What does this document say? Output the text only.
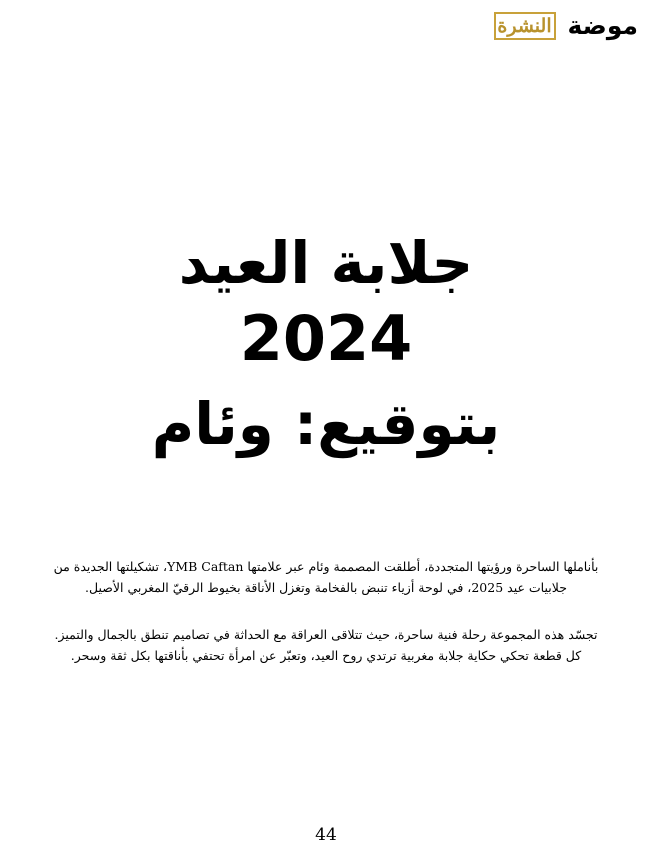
النشرة موضة
جلابة العيد
2024
بتوقيع: وئام
بأناملها الساحرة ورؤيتها المتجددة، أطلقت المصممة وئام عبر علامتها YMB Caftan، تشكيلتها الجديدة من
جلابيات عيد 2025، في لوحة أزياء تنبض بالفخامة وتغزل الأناقة بخيوط الرقيّ المغربي الأصيل.
تجسّد هذه المجموعة رحلة فنية ساحرة، حيث تتلاقى العراقة مع الحداثة في تصاميم تنطق بالجمال والتميز.
كل قطعة تحكي حكاية جلابة مغربية ترتدي روح العيد، وتعبّر عن امرأة تحتفي بأناقتها بكل ثقة وسحر.
44
